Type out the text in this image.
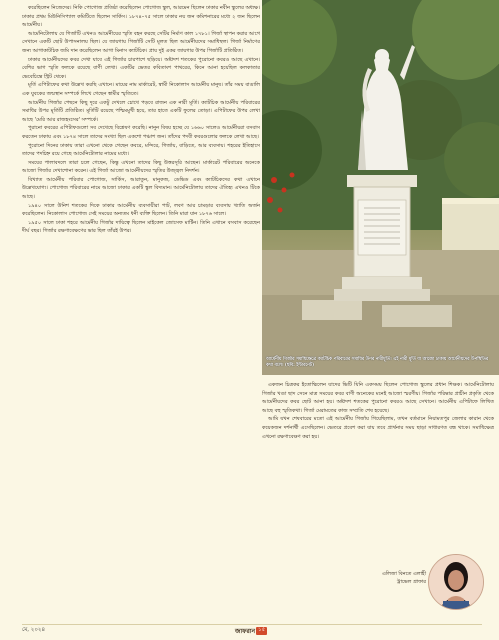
করেছিলেন নিজেদের। নিকি পোগোজ প্রতিষ্ঠা করেছিলেন পোগোজ স্কুল, আরমেন ছিলেন ঢাকার নবীন স্কুলের অধ্যক্ষ। ঢাকার প্রথম মিউনিসিপ্যাল কমিটিতে ছিলেন সার্কিস। ১৮৭৪–৭৫ সালে ঢাকার নয় জন কমিশনারের মধ্যে ২ জন ছিলেন আর্মেনীয়।

আর্মেনিটোলায় যে গির্জাটি এখনও আর্মেনীয়ের স্মৃতি বহন করছে সেটির নির্মাণ কাল ১৭৮১। গির্জা স্থাপন করার আগে সেখানে একটি ছোট উপাসনালয় ছিল। যে জায়গায় গির্জাটি সেটি মূলত ছিল আর্মেনীয়দের সমাধিস্থল। গির্জা নির্মাণের জন্য আগাকাটচিক জমি দান করেছিলেন আগা মিনাস ক্যাটচিক। প্রায় দুই একর জায়গার উপর গির্জাটি প্রতিষ্ঠিত।

ঢাকার আর্মেনীয়দের কবর দেখা যাবে এই গির্জার চারপাশে ছড়িয়ে। অষ্টাদশ শতকের পুরোনো কবরও আছে এখানে। বেশির ভাগ স্মৃতি ফলকে রয়েছে বাণী লেখা। একটির ভেতর কবিতাংশ পাথরের, কিনে আনা হয়েছিল কলকাতার ভেবেচিন্তে স্ট্রিট থেকে।

মূর্তি এপিটাফের কথা উল্লেখ করছি এখানে। মায়ের নাম মার্কারেট, স্বামী নিকোলাস আর্মেনীয় মানুষ। তাঁর সময় বাঙালি এক যুবকের জন্মস্থান সম্পর্কে লিখে গেছেন স্বামীর স্মৃতিতে।

আর্মেনীয় গির্জার পেছনে কিছু দূরে একটু দেখলে চোখে পড়বে রাজন এক নারী মূর্তি। ক্যাটচিক আর্মেনীয় পরিবারের সমাধির উপর মূর্তিটি প্রতিষ্ঠিত। মূর্তিটি রয়েছে পশ্চিমমুখী হয়ে, তার হাতে একটি ফুলের তোড়া। এপিটাফের উপর লেখা আছে 'মেরি আর রাজহংসের' সম্পর্কে।

পুরানো কবরের এপিটাফগুলো সব দেখেছে বিশ্লেষণ করেছি। নানুন বিষয় হচ্ছে যে ১৬৬০ সালেও আর্মেনীয়রা বসবাস করতেন ঢাকায় এবং ১৮৭৪ সালে তাদের সংখ্যা ছিল একশো পঞ্চাশ জন। তাঁদের পদবী কবরগুলোর ফলকে লেখা আছে।

পুরোনো দিনের ঢাকায় তারা এখনো থেকে গেছেন কবরে, মন্দিরে, গির্জায়, বাড়িতে, আর ব্যবসায়। শহরের ইতিহাসে তাদের পদচিহ্ন রয়ে গেছে আর্মেনিটোলার নামের মধ্যে।

সময়ের পালাবদলে তারা চলে গেছেন, কিন্তু এখনো তাদের কিছু উত্তরসূরি আছেন। মার্কারেট পরিবারের অনেকে আজো গির্জার দেখাশোনা করেন। এই গির্জা আজো আর্মেনীয়দের স্মৃতির উজ্জ্বল নিদর্শন।

বিখ্যাত আর্মেনীয় পরিবার পোগোজ, সার্কিস, আরাতুন, মানুকজ, ডেভিড এবং ক্যাটচিকদের কথা এখানে উল্লেখযোগ্য। পোগোজ পরিবারের নামে আজো ঢাকার একটি স্কুল বিদ্যমান। আর্মেনিটোলায় তাদের ঐতিহ্য এখনও টিকে আছে।

১৯৪০ সালে উনিশ শতকের দিকে ঢাকার আর্মেনীয় ব্যবসায়ীরা পাট, লবণ আর চামড়ার ব্যবসায় খ্যাতি অর্জন করেছিলেন। নিকোলাস পোগোজ সেই সময়ের অন্যতম ধনী ব্যক্তি ছিলেন। তিনি মারা যান ১৮৭৬ সালে।

১৯৫০ সালে ঢাকা শহরে আর্মেনীয় গির্জার দায়িত্বে ছিলেন মাইকেল জোসেফ মার্টিন। তিনি এখানে বসবাস করেছেন দীর্ঘ বছর। গির্জার রক্ষণাবেক্ষণের ভার ছিল তাঁরই উপর।

আর্মেনীয় গির্জার সমাধিক্ষেত্রে ক্যাটচিক পরিবারের সমাধির উপর নারীমূর্তি। এই নারী মূর্তি যা আজো ঢাকায় আর্মেনীয়দের উপস্থিতির কথা বলে। (ছবি: ইন্টারনেট)

একজন চিত্রকর ইতোহ্মিলেন যাদের ভিটি যিনি একসময় ছিলেন পোগোজ স্কুলের প্রধান শিক্ষক। আর্মেনিটোলায় গির্জার খণ্ডা ছাদ সেনে মাত্র সময়ের কবর বাণী অনেকের মনেই আজো স্মরণীয়। গির্জার পরিষ্কার প্রাচীন প্রকৃতি থেকে আর্মেনীয়দের কবর ছোট আনা হয়। অষ্টাদশ শতকের পুরোনো কবরও আছে সেখানে। আর্মেনীয় এপিটাফে লিখিত আছে বহু স্মৃতিকথা। গির্জা মেরামতের কাজ সম্প্রতি শেষ হয়েছে।

আমি যখন শেষবারের মতো এই আর্মেনীয় গির্জায় গিয়েছিলাম, তখন বর্তমানে নিয়ামতপুর জেলার কারান থেকে কয়েকজন দর্শনার্থী এসেছিলেন। ভেতরে প্রবেশ করা যায় তবে প্রার্থনার সময় ছাড়া সাধারণত বন্ধ থাকে। সমাধিক্ষেত্র এখনো রক্ষণাবেক্ষণ করা হয়।

এলিজা বিনতে এলাহী
ট্রাভেল গ্রাফার
মে, ২০২৪	জাফরান ১৫
